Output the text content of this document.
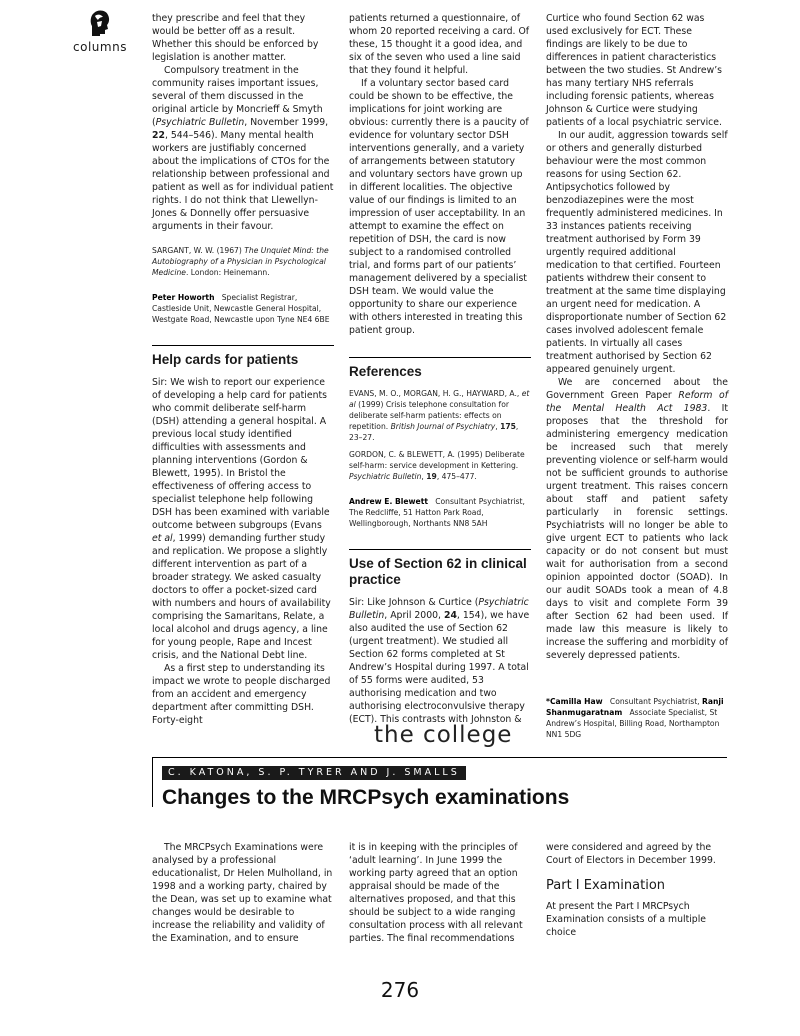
columns

they prescribe and feel that they would be better off as a result. Whether this should be enforced by legislation is another matter.

Compulsory treatment in the community raises important issues, several of them discussed in the original article by Moncrieff & Smyth (Psychiatric Bulletin, November 1999, 22, 544–546). Many mental health workers are justifiably concerned about the implications of CTOs for the relationship between professional and patient as well as for individual patient rights. I do not think that Llewellyn-Jones & Donnelly offer persuasive arguments in their favour.

SARGANT, W. W. (1967) The Unquiet Mind: the Autobiography of a Physician in Psychological Medicine. London: Heinemann.

Peter Howorth Specialist Registrar, Castleside Unit, Newcastle General Hospital, Westgate Road, Newcastle upon Tyne NE4 6BE

Help cards for patients

Sir: We wish to report our experience of developing a help card for patients who commit deliberate self-harm (DSH) attending a general hospital. A previous local study identified difficulties with assessments and planning interventions (Gordon & Blewett, 1995). In Bristol the effectiveness of offering access to specialist telephone help following DSH has been examined with variable outcome between subgroups (Evans et al, 1999) demanding further study and replication. We propose a slightly different intervention as part of a broader strategy. We asked casualty doctors to offer a pocket-sized card with numbers and hours of availability comprising the Samaritans, Relate, a local alcohol and drugs agency, a line for young people, Rape and Incest crisis, and the National Debt line.

As a first step to understanding its impact we wrote to people discharged from an accident and emergency department after committing DSH. Forty-eight

patients returned a questionnaire, of whom 20 reported receiving a card. Of these, 15 thought it a good idea, and six of the seven who used a line said that they found it helpful.

If a voluntary sector based card could be shown to be effective, the implications for joint working are obvious: currently there is a paucity of evidence for voluntary sector DSH interventions generally, and a variety of arrangements between statutory and voluntary sectors have grown up in different localities. The objective value of our findings is limited to an impression of user acceptability. In an attempt to examine the effect on repetition of DSH, the card is now subject to a randomised controlled trial, and forms part of our patients’ management delivered by a specialist DSH team. We would value the opportunity to share our experience with others interested in treating this patient group.

References

EVANS, M. O., MORGAN, H. G., HAYWARD, A., et al (1999) Crisis telephone consultation for deliberate self-harm patients: effects on repetition. British Journal of Psychiatry, 175, 23–27.

GORDON, C. & BLEWETT, A. (1995) Deliberate self-harm: service development in Kettering. Psychiatric Bulletin, 19, 475–477.

Andrew E. Blewett Consultant Psychiatrist, The Redcliffe, 51 Hatton Park Road, Wellingborough, Northants NN8 5AH

Use of Section 62 in clinical practice

Sir: Like Johnson & Curtice (Psychiatric Bulletin, April 2000, 24, 154), we have also audited the use of Section 62 (urgent treatment). We studied all Section 62 forms completed at St Andrew’s Hospital during 1997. A total of 55 forms were audited, 53 authorising medication and two authorising electroconvulsive therapy (ECT). This contrasts with Johnston &

Curtice who found Section 62 was used exclusively for ECT. These findings are likely to be due to differences in patient characteristics between the two studies. St Andrew’s has many tertiary NHS referrals including forensic patients, whereas Johnson & Curtice were studying patients of a local psychiatric service.

In our audit, aggression towards self or others and generally disturbed behaviour were the most common reasons for using Section 62. Antipsychotics followed by benzodiazepines were the most frequently administered medicines. In 33 instances patients receiving treatment authorised by Form 39 urgently required additional medication to that certified. Fourteen patients withdrew their consent to treatment at the same time displaying an urgent need for medication. A disproportionate number of Section 62 cases involved adolescent female patients. In virtually all cases treatment authorised by Section 62 appeared genuinely urgent.

We are concerned about the Government Green Paper Reform of the Mental Health Act 1983. It proposes that the threshold for administering emergency medication be increased such that merely preventing violence or self-harm would not be sufficient grounds to authorise urgent treatment. This raises concern about staff and patient safety particularly in forensic settings. Psychiatrists will no longer be able to give urgent ECT to patients who lack capacity or do not consent but must wait for authorisation from a second opinion appointed doctor (SOAD). In our audit SOADs took a mean of 4.8 days to visit and complete Form 39 after Section 62 had been used. If made law this measure is likely to increase the suffering and morbidity of severely depressed patients.

*Camilla Haw Consultant Psychiatrist, Ranji Shanmugaratnam Associate Specialist, St Andrew’s Hospital, Billing Road, Northampton NN1 5DG

the college
C. KATONA, S. P. TYRER AND J. SMALLS
Changes to the MRCPsych examinations

The MRCPsych Examinations were analysed by a professional educationalist, Dr Helen Mulholland, in 1998 and a working party, chaired by the Dean, was set up to examine what changes would be desirable to increase the reliability and validity of the Examination, and to ensure

it is in keeping with the principles of ‘adult learning’. In June 1999 the working party agreed that an option appraisal should be made of the alternatives proposed, and that this should be subject to a wide ranging consultation process with all relevant parties. The final recommendations

were considered and agreed by the Court of Electors in December 1999.

Part I Examination

At present the Part I MRCPsych Examination consists of a multiple choice

276
